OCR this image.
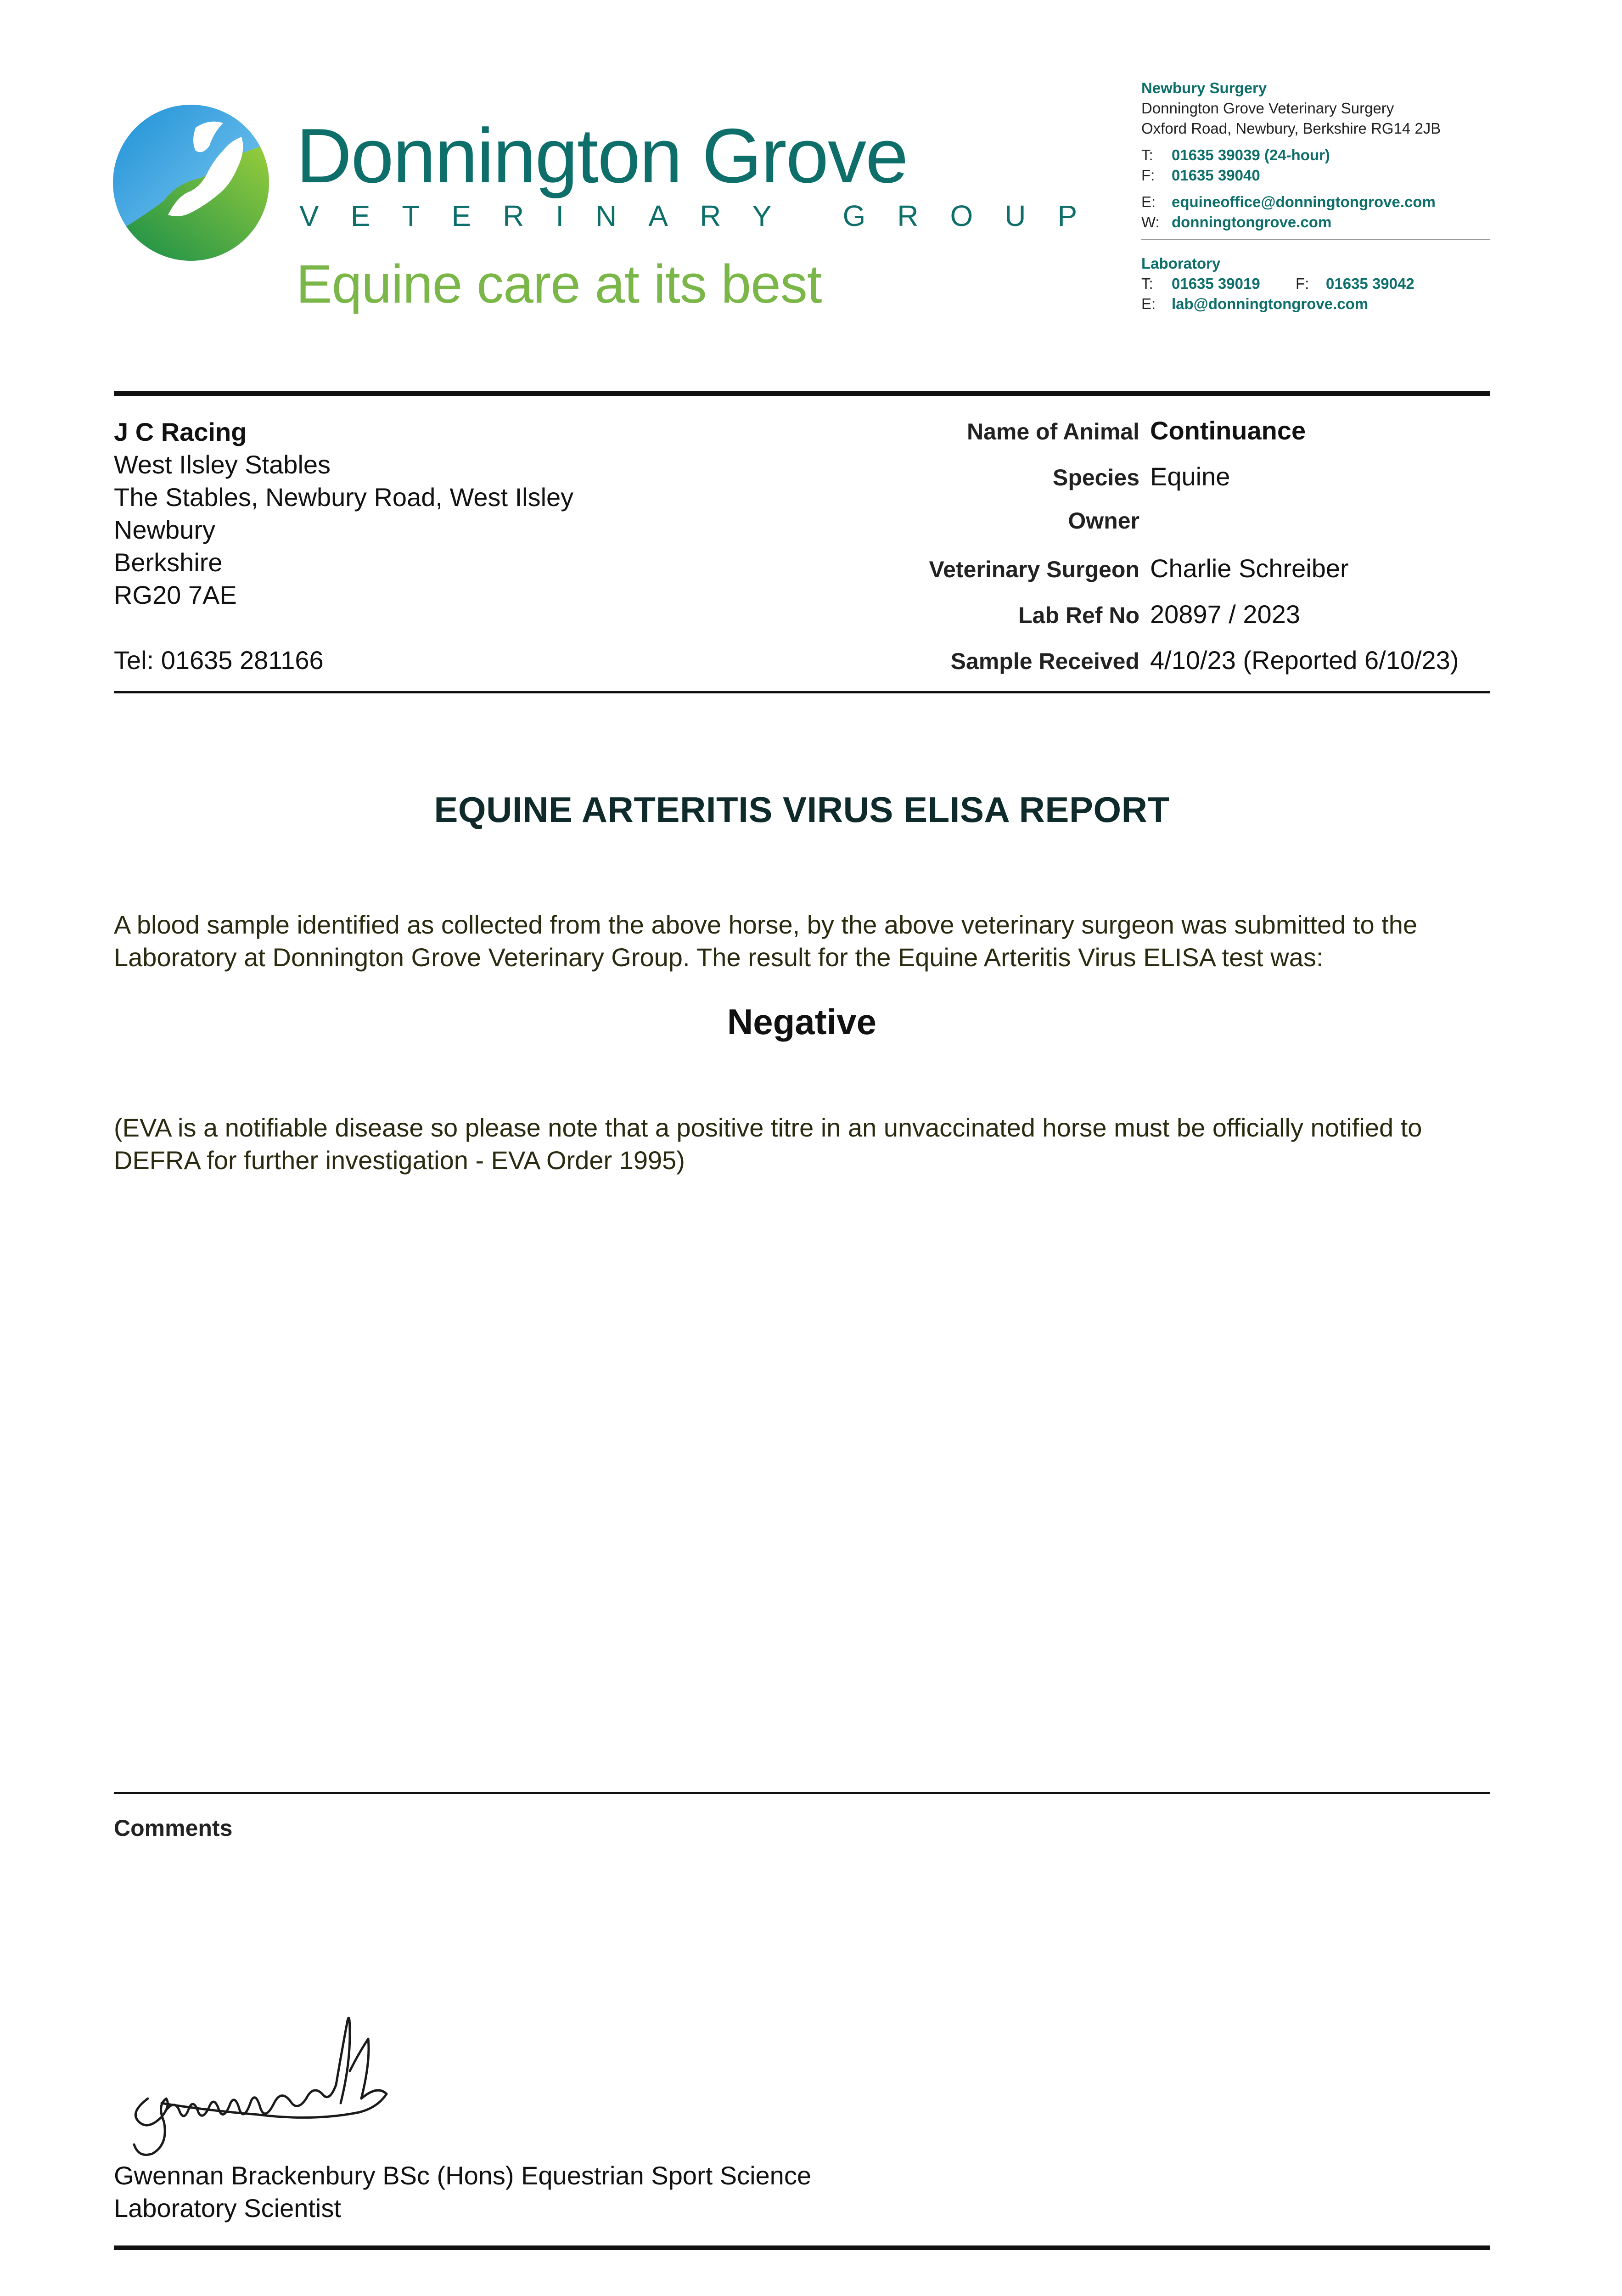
Donnington Grove
VETERINARY GROUP
Equine care at its best
Newbury Surgery
Donnington Grove Veterinary Surgery
Oxford Road, Newbury, Berkshire RG14 2JB
T:	01635 39039 (24-hour)
F:	01635 39040
E:	equineoffice@donningtongrove.com
W: donningtongrove.com
Laboratory
T:	01635 39019	F:	01635 39042
E:	lab@donningtongrove.com
J C Racing
West Ilsley Stables
The Stables, Newbury Road, West Ilsley
Newbury
Berkshire
RG20 7AE
Tel: 01635 281166
Name of Animal Continuance
Species Equine
Owner
Veterinary Surgeon Charlie Schreiber
Lab Ref No 20897 / 2023
Sample Received 4/10/23 (Reported 6/10/23)
EQUINE ARTERITIS VIRUS ELISA REPORT
A blood sample identified as collected from the above horse, by the above veterinary surgeon was submitted to the Laboratory at Donnington Grove Veterinary Group. The result for the Equine Arteritis Virus ELISA test was:
Negative
(EVA is a notifiable disease so please note that a positive titre in an unvaccinated horse must be officially notified to DEFRA for further investigation - EVA Order 1995)
Comments
Gwennan Brackenbury BSc (Hons) Equestrian Sport Science
Laboratory Scientist
